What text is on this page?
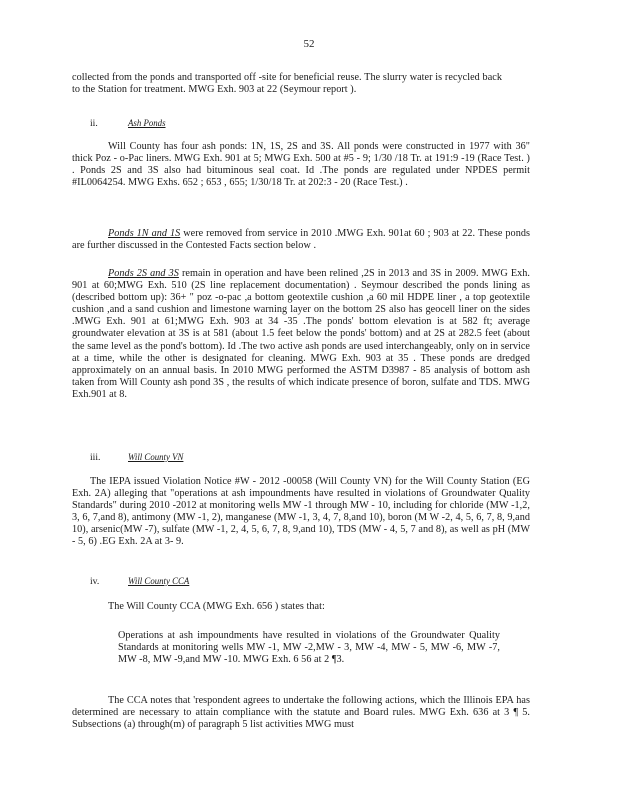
52

collected from the ponds and transported off -site for beneficial reuse. The slurry water is recycled back to the Station for treatment. MWG Exh. 903 at 22 (Seymour report ).

ii.	Ash Ponds

Will County has four ash ponds: 1N, 1S, 2S and 3S. All ponds were constructed in 1977 with 36" thick Poz - o-Pac liners. MWG Exh. 901 at 5; MWG Exh. 500 at #5 - 9; 1/30 /18 Tr. at 191:9 -19 (Race Test. ) . Ponds 2S and 3S also had bituminous seal coat. Id .The ponds are regulated under NPDES permit #IL0064254. MWG Exhs. 652 ; 653 , 655; 1/30/18 Tr. at 202:3 - 20 (Race Test.) .

Ponds 1N and 1S were removed from service in 2010 .MWG Exh. 901at 60 ; 903 at 22. These ponds are further discussed in the Contested Facts section below .

Ponds 2S and 3S remain in operation and have been relined ,2S in 2013 and 3S in 2009. MWG Exh. 901 at 60;MWG Exh. 510 (2S line replacement documentation) . Seymour described the ponds lining as (described bottom up): 36+ " poz -o-pac ,a bottom geotextile cushion ,a 60 mil HDPE liner , a top geotextile cushion ,and a sand cushion and limestone warning layer on the bottom 2S also has geocell liner on the sides .MWG Exh. 901 at 61;MWG Exh. 903 at 34 -35 .The ponds' bottom elevation is at 582 ft; average groundwater elevation at 3S is at 581 (about 1.5 feet below the ponds' bottom) and at 2S at 282.5 feet (about the same level as the pond's bottom). Id .The two active ash ponds are used interchangeably, only on in service at a time, while the other is designated for cleaning. MWG Exh. 903 at 35 . These ponds are dredged approximately on an annual basis. In 2010 MWG performed the ASTM D3987 - 85 analysis of bottom ash taken from Will County ash pond 3S , the results of which indicate presence of boron, sulfate and TDS. MWG Exh.901 at 8.

iii.	Will County VN

The IEPA issued Violation Notice #W - 2012 -00058 (Will County VN) for the Will County Station (EG Exh. 2A) alleging that "operations at ash impoundments have resulted in violations of Groundwater Quality Standards" during 2010 -2012 at monitoring wells MW -1 through MW - 10, including for chloride (MW -1,2, 3, 6, 7,and 8), antimony (MW -1, 2), manganese (MW -1, 3, 4, 7, 8,and 10), boron (M W -2, 4, 5, 6, 7, 8, 9,and 10), arsenic(MW -7), sulfate (MW -1, 2, 4, 5, 6, 7, 8, 9,and 10), TDS (MW - 4, 5, 7 and 8), as well as pH (MW - 5, 6) .EG Exh. 2A at 3- 9.

iv.	Will County CCA

The Will County CCA (MWG Exh. 656 ) states that:

Operations at ash impoundments have resulted in violations of the Groundwater Quality Standards at monitoring wells MW -1, MW -2,MW - 3, MW -4, MW - 5, MW -6, MW -7, MW -8, MW -9,and MW -10. MWG Exh. 6 56 at 2 ¶3.

The CCA notes that 'respondent agrees to undertake the following actions, which the Illinois EPA has determined are necessary to attain compliance with the statute and Board rules. MWG Exh. 636 at 3 ¶ 5. Subsections (a) through(m) of paragraph 5 list activities MWG must
